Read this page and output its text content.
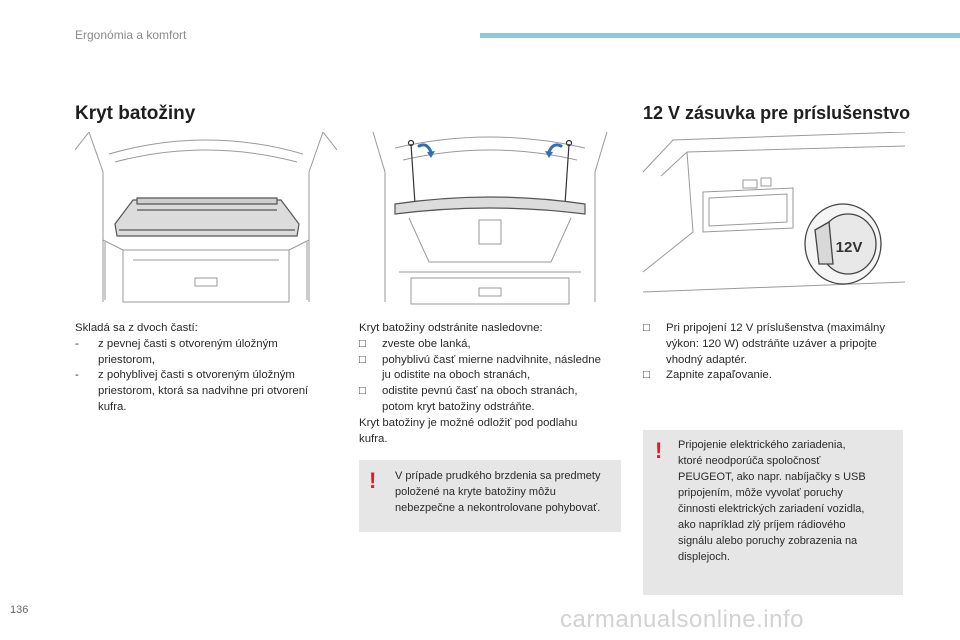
Ergonómia a komfort
Kryt batožiny	12 V zásuvka pre príslušenstvo
12V
Skladá sa z dvoch častí:
- z pevnej časti s otvoreným úložným
priestorom,
- z pohyblivej časti s otvoreným úložným
priestorom, ktorá sa nadvihne pri otvorení
kufra.
Kryt batožiny odstránite nasledovne:
□ zveste obe lanká,
□ pohyblivú časť mierne nadvihnite, následne
ju odistite na oboch stranách,
□ odistite pevnú časť na oboch stranách,
potom kryt batožiny odstráňte.
Kryt batožiny je možné odložiť pod podlahu
kufra.
! V prípade prudkého brzdenia sa predmety
položené na kryte batožiny môžu
nebezpečne a nekontrolovane pohybovať.
□ Pri pripojení 12 V príslušenstva (maximálny
výkon: 120 W) odstráňte uzáver a pripojte
vhodný adaptér.
□ Zapnite zapaľovanie.
! Pripojenie elektrického zariadenia,
ktoré neodporúča spoločnosť
PEUGEOT, ako napr. nabíjačky s USB
pripojením, môže vyvolať poruchy
činnosti elektrických zariadení vozidla,
ako napríklad zlý príjem rádiového
signálu alebo poruchy zobrazenia na
displejoch.
136	carmanualsonline.info
